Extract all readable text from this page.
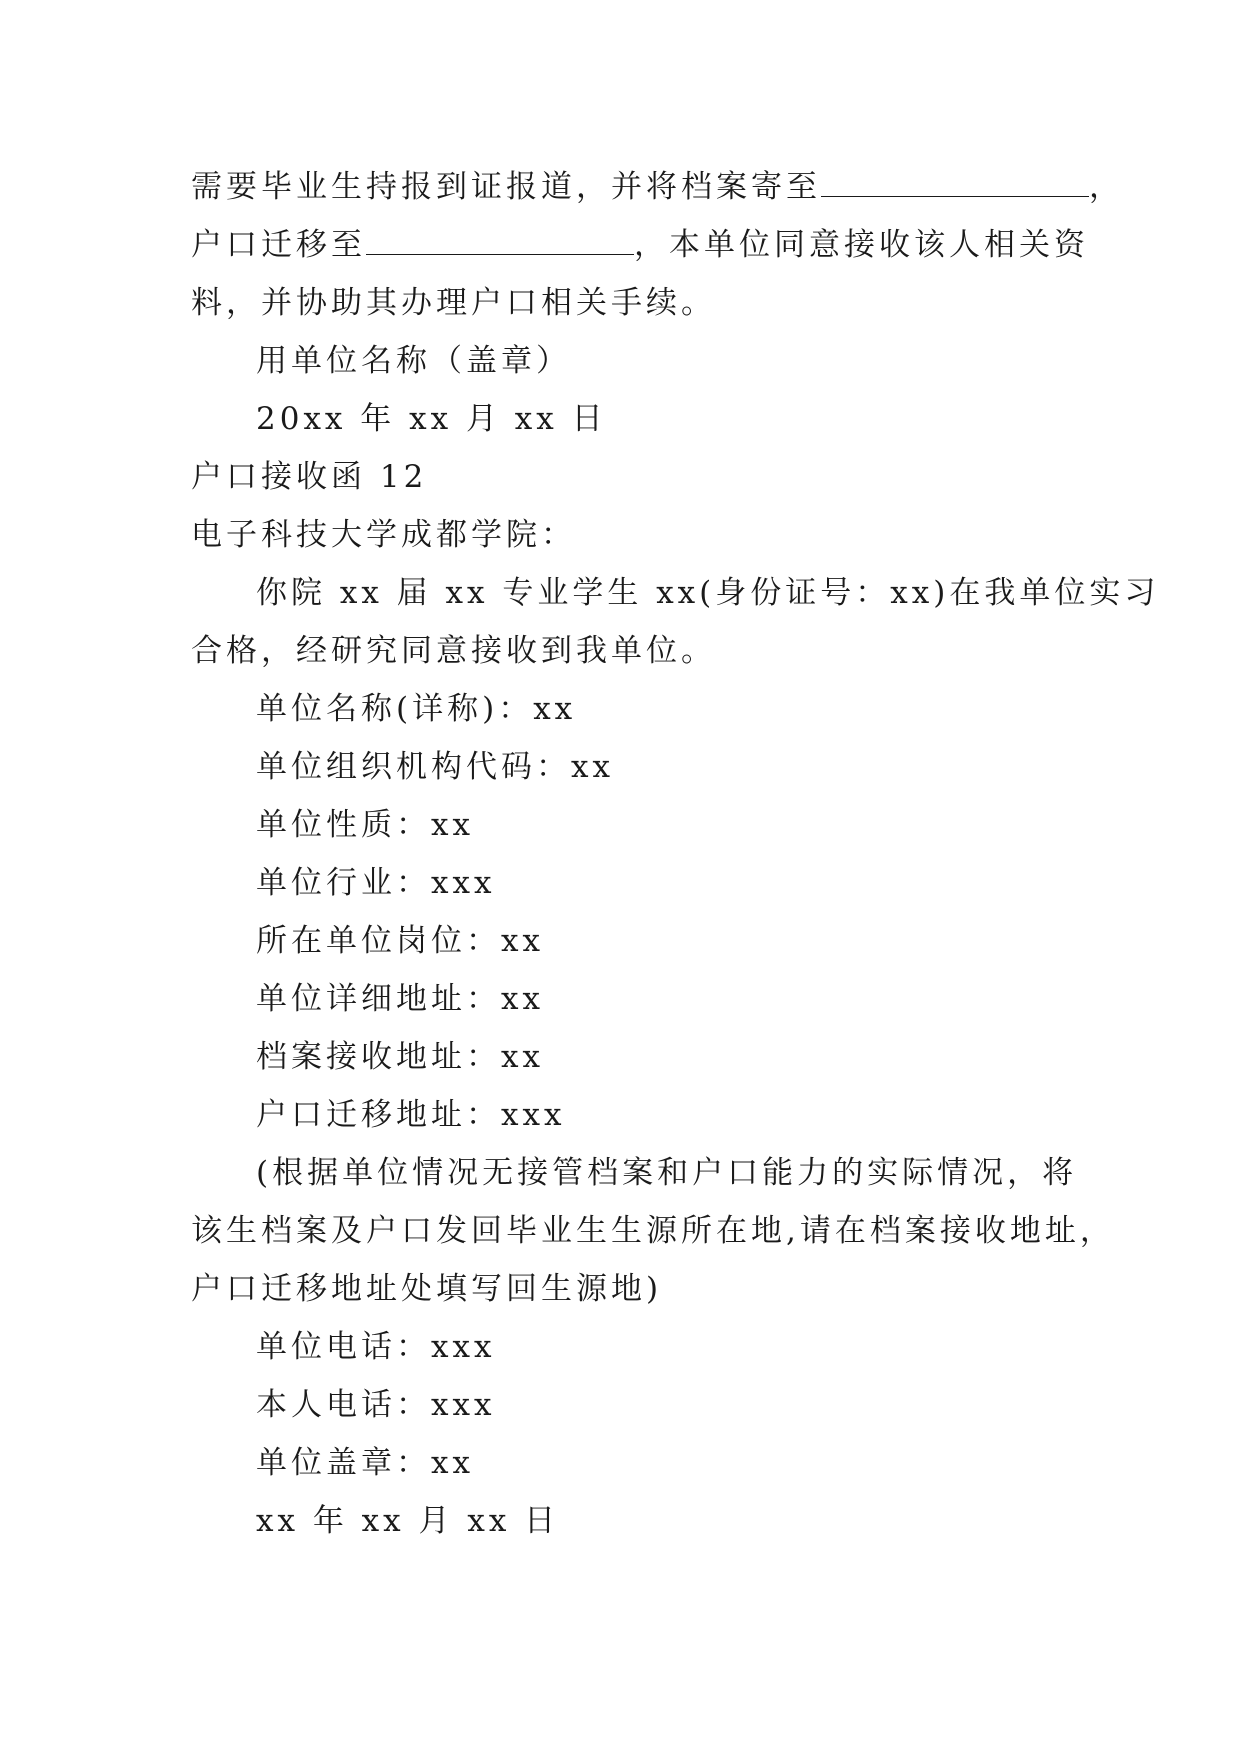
需要毕业生持报到证报道，并将档案寄至	，
户口迁移至	，本单位同意接收该人相关资
料，并协助其办理户口相关手续。
用单位名称（盖章）
20xx 年 xx 月 xx 日
户口接收函 12
电子科技大学成都学院：
你院 xx 届 xx 专业学生 xx(身份证号：xx)在我单位实习
合格，经研究同意接收到我单位。
单位名称(详称)：xx
单位组织机构代码：xx
单位性质：xx
单位行业：xxx
所在单位岗位：xx
单位详细地址：xx
档案接收地址：xx
户口迁移地址：xxx
(根据单位情况无接管档案和户口能力的实际情况，将
该生档案及户口发回毕业生生源所在地,请在档案接收地址，
户口迁移地址处填写回生源地)
单位电话：xxx
本人电话：xxx
单位盖章：xx
xx 年 xx 月 xx 日
